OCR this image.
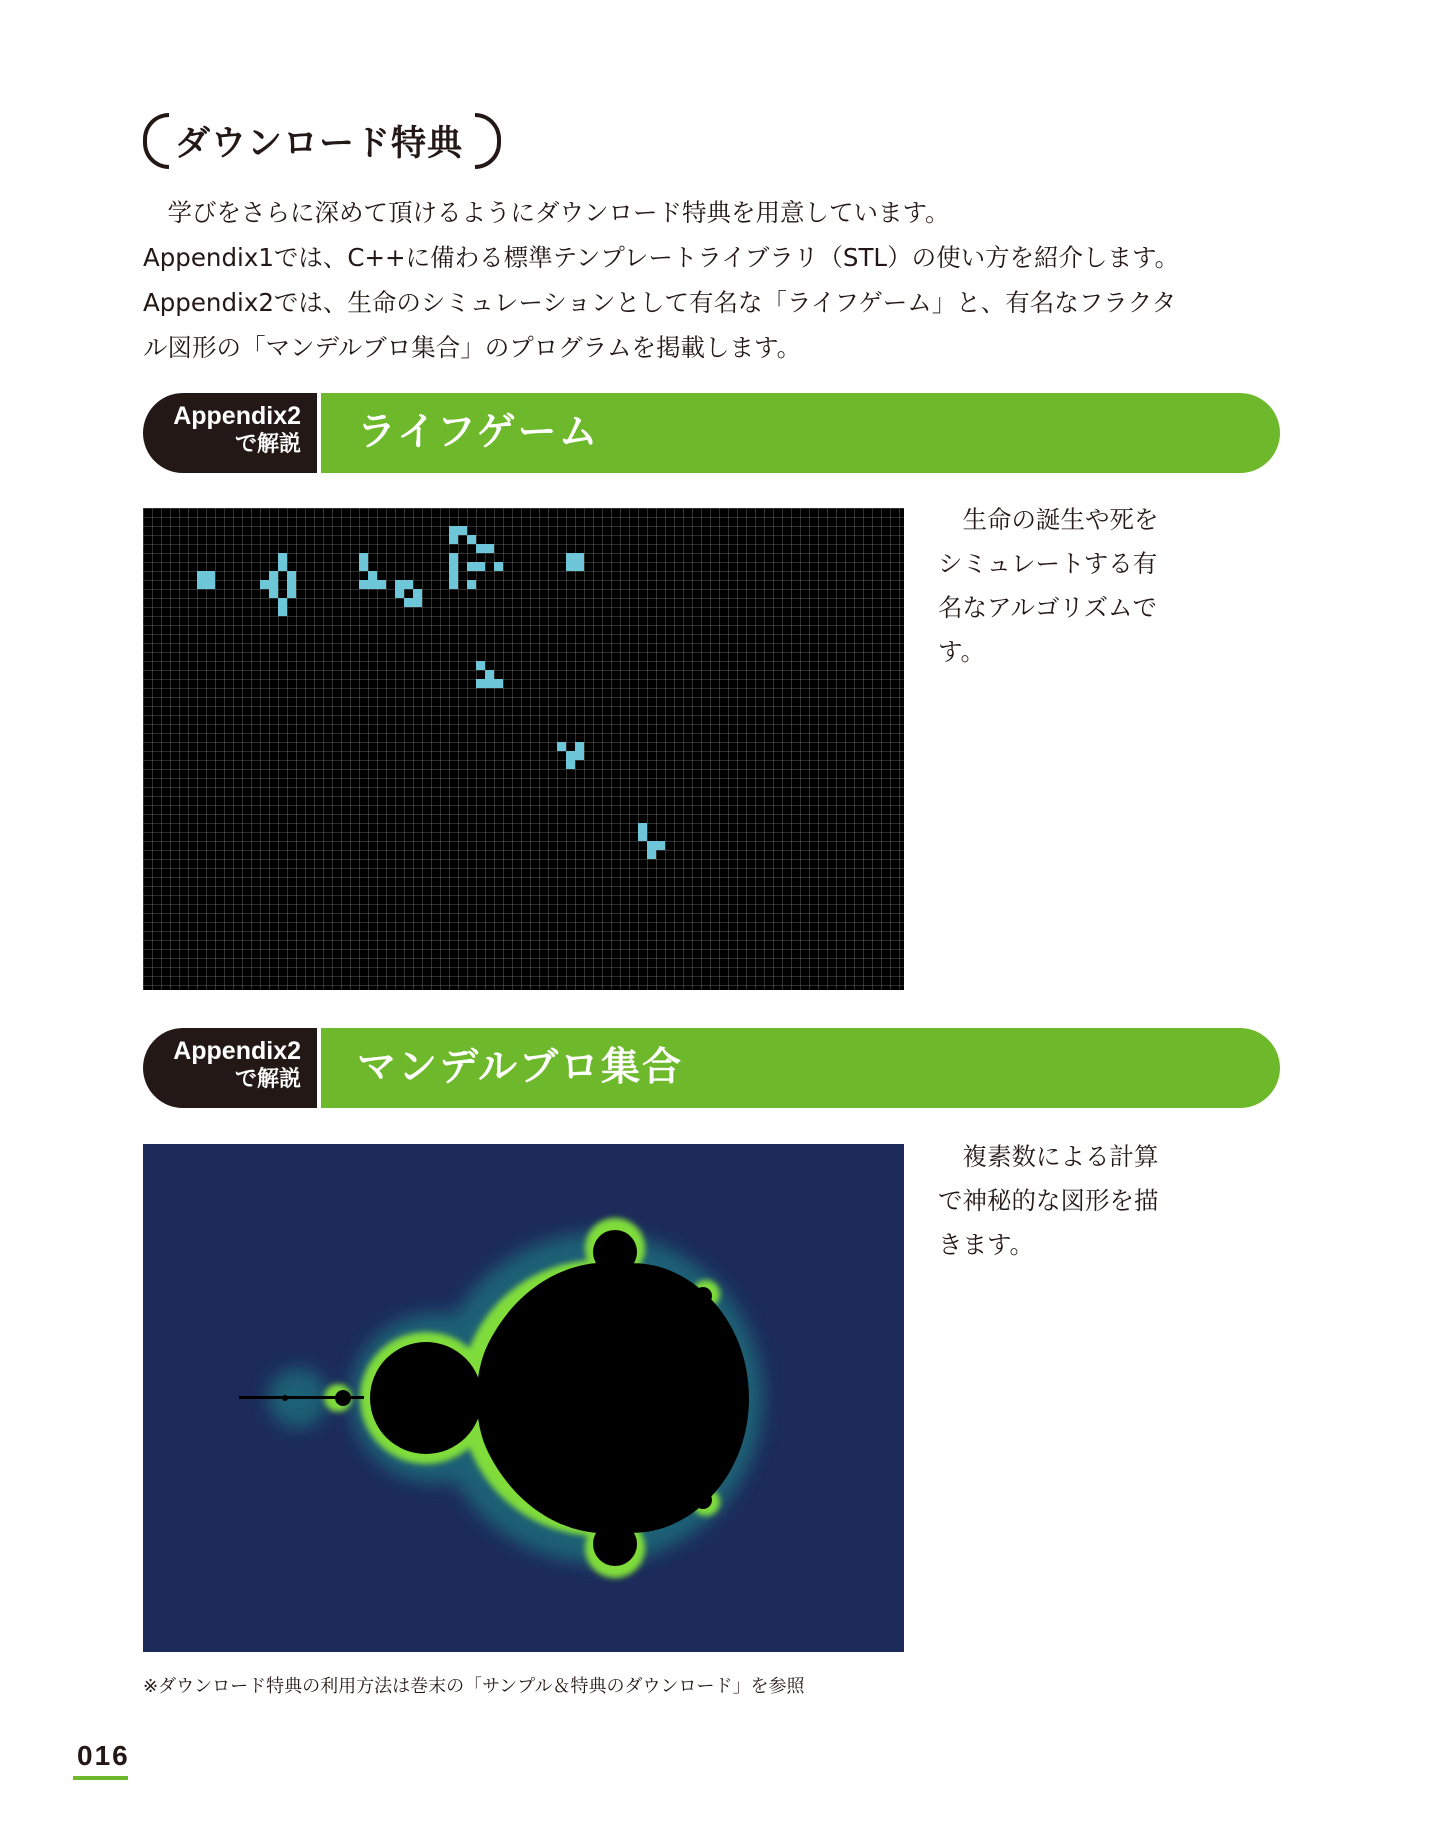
ダウンロード特典

　学びをさらに深めて頂けるようにダウンロード特典を用意しています。

Appendix1では、C++に備わる標準テンプレートライブラリ（STL）の使い方を紹介します。

Appendix2では、生命のシミュレーションとして有名な「ライフゲーム」と、有名なフラクタ

ル図形の「マンデルブロ集合」のプログラムを掲載します。

Appendix2
で解説 ライフゲーム
　生命の誕生や死を
シミュレートする有
名なアルゴリズムで
す。
Appendix2
で解説 マンデルブロ集合
　複素数による計算
で神秘的な図形を描
きます。

※ダウンロード特典の利用方法は巻末の「サンプル＆特典のダウンロード」を参照

016
